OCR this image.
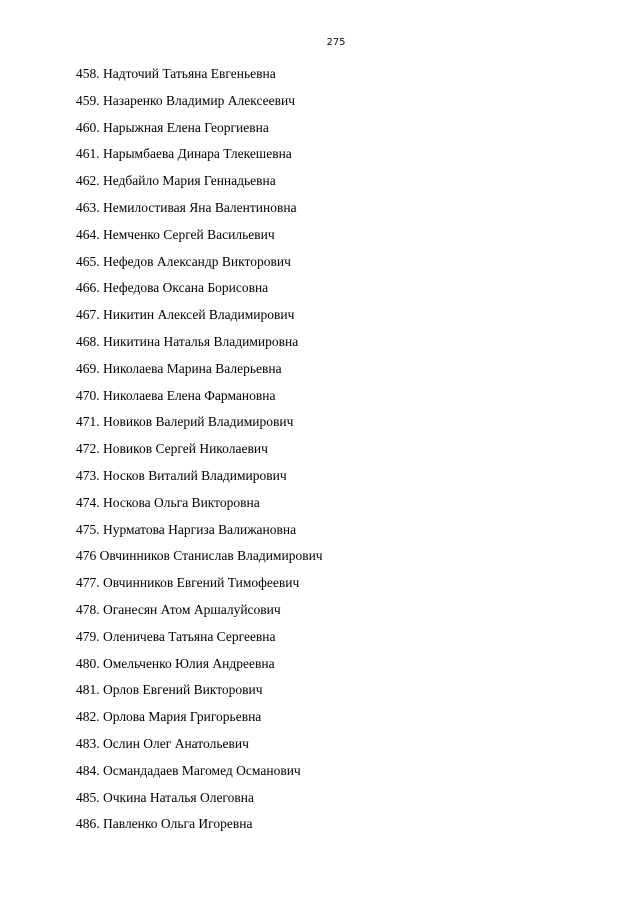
275
458. Надточий Татьяна Евгеньевна
459. Назаренко Владимир Алексеевич
460. Нарыжная Елена Георгиевна
461. Нарымбаева Динара Тлекешевна
462. Недбайло Мария Геннадьевна
463. Немилостивая Яна Валентиновна
464. Немченко Сергей Васильевич
465. Нефедов Александр Викторович
466. Нефедова Оксана Борисовна
467. Никитин Алексей Владимирович
468. Никитина Наталья Владимировна
469. Николаева Марина Валерьевна
470. Николаева Елена Фармановна
471. Новиков Валерий Владимирович
472. Новиков Сергей Николаевич
473. Носков Виталий Владимирович
474. Носкова Ольга Викторовна
475. Нурматова Наргиза Валижановна
476 Овчинников Станислав Владимирович
477. Овчинников Евгений Тимофеевич
478. Оганесян Атом Аршалуйсович
479. Оленичева Татьяна Сергеевна
480. Омельченко Юлия Андреевна
481. Орлов Евгений Викторович
482. Орлова Мария Григорьевна
483. Ослин Олег Анатольевич
484. Османдадаев Магомед Османович
485. Очкина Наталья Олеговна
486. Павленко Ольга Игоревна
